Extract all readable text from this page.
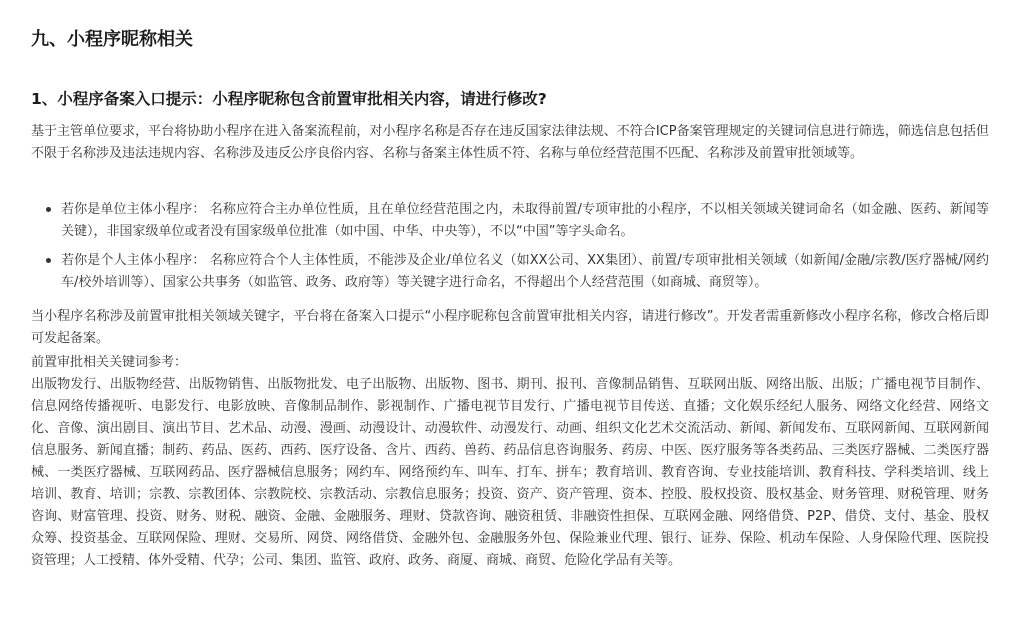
九、小程序昵称相关
1、小程序备案入口提示：小程序昵称包含前置审批相关内容，请进行修改?

基于主管单位要求，平台将协助小程序在进入备案流程前，对小程序名称是否存在违反国家法律法规、不符合ICP备案管理规定的关键词信息进行筛选，筛选信息包括但不限于名称涉及违法违规内容、名称涉及违反公序良俗内容、名称与备案主体性质不符、名称与单位经营范围不匹配、名称涉及前置审批领域等。

若你是单位主体小程序： 名称应符合主办单位性质，且在单位经营范围之内，未取得前置/专项审批的小程序，不以相关领域关键词命名（如金融、医药、新闻等关键），非国家级单位或者没有国家级单位批准（如中国、中华、中央等），不以“中国”等字头命名。
若你是个人主体小程序： 名称应符合个人主体性质，不能涉及企业/单位名义（如XX公司、XX集团）、前置/专项审批相关领域（如新闻/金融/宗教/医疗器械/网约车/校外培训等）、国家公共事务（如监管、政务、政府等）等关键字进行命名，不得超出个人经营范围（如商城、商贸等）。

当小程序名称涉及前置审批相关领域关键字，平台将在备案入口提示“小程序昵称包含前置审批相关内容，请进行修改”。开发者需重新修改小程序名称，修改合格后即可发起备案。

前置审批相关关键词参考：

出版物发行、出版物经营、出版物销售、出版物批发、电子出版物、出版物、图书、期刊、报刊、音像制品销售、互联网出版、网络出版、出版；广播电视节目制作、信息网络传播视听、电影发行、电影放映、音像制品制作、影视制作、广播电视节目发行、广播电视节目传送、直播；文化娱乐经纪人服务、网络文化经营、网络文化、音像、演出剧目、演出节目、艺术品、动漫、漫画、动漫设计、动漫软件、动漫发行、动画、组织文化艺术交流活动、新闻、新闻发布、互联网新闻、互联网新闻信息服务、新闻直播；制药、药品、医药、西药、医疗设备、含片、西药、兽药、药品信息咨询服务、药房、中医、医疗服务等各类药品、三类医疗器械、二类医疗器械、一类医疗器械、互联网药品、医疗器械信息服务；网约车、网络预约车、叫车、打车、拼车；教育培训、教育咨询、专业技能培训、教育科技、学科类培训、线上培训、教育、培训；宗教、宗教团体、宗教院校、宗教活动、宗教信息服务；投资、资产、资产管理、资本、控股、股权投资、股权基金、财务管理、财税管理、财务咨询、财富管理、投资、财务、财税、融资、金融、金融服务、理财、贷款咨询、融资租赁、非融资性担保、互联网金融、网络借贷、P2P、借贷、支付、基金、股权众筹、投资基金、互联网保险、理财、交易所、网贷、网络借贷、金融外包、金融服务外包、保险兼业代理、银行、证券、保险、机动车保险、人身保险代理、医院投资管理；人工授精、体外受精、代孕；公司、集团、监管、政府、政务、商厦、商城、商贸、危险化学品有关等。
